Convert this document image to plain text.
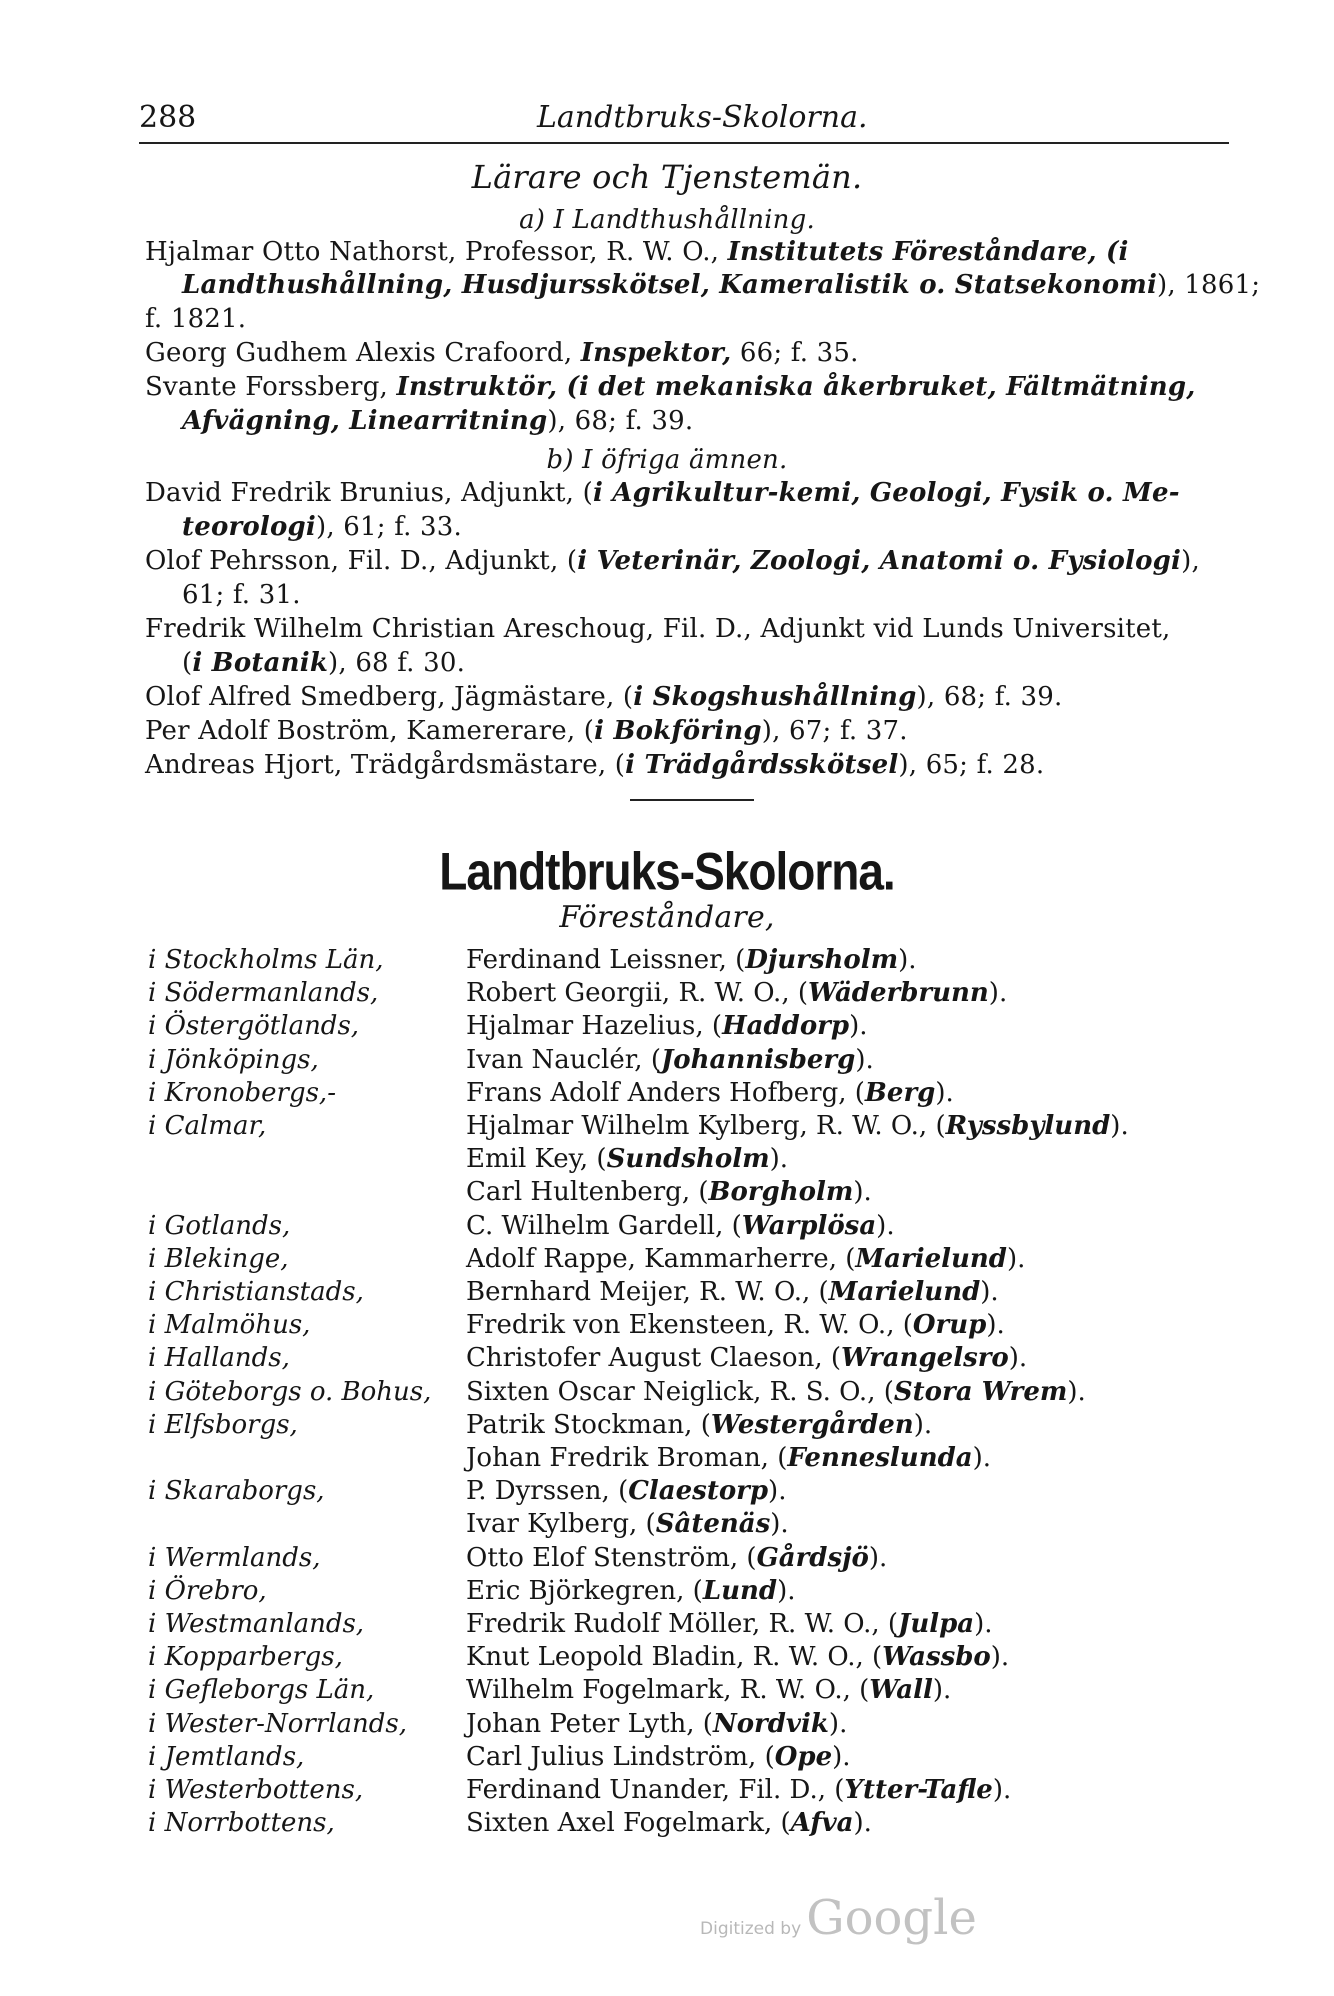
288	Landtbruks-Skolorna.
Lärare och Tjenstemän.
a) I Landthushållning.
Hjalmar Otto Nathorst, Professor, R. W. O., Institutets Föreståndare, (i
Landthushållning, Husdjursskötsel, Kameralistik o. Statsekonomi), 1861;
f. 1821.
Georg Gudhem Alexis Crafoord, Inspektor, 66; f. 35.
Svante Forssberg, Instruktör, (i det mekaniska åkerbruket, Fältmätning,
Afvägning, Linearritning), 68; f. 39.
b) I öfriga ämnen.
David Fredrik Brunius, Adjunkt, (i Agrikultur-kemi, Geologi, Fysik o. Me-
teorologi), 61; f. 33.
Olof Pehrsson, Fil. D., Adjunkt, (i Veterinär, Zoologi, Anatomi o. Fysiologi),
61; f. 31.
Fredrik Wilhelm Christian Areschoug, Fil. D., Adjunkt vid Lunds Universitet,
(i Botanik), 68 f. 30.
Olof Alfred Smedberg, Jägmästare, (i Skogshushållning), 68; f. 39.
Per Adolf Boström, Kamererare, (i Bokföring), 67; f. 37.
Andreas Hjort, Trädgårdsmästare, (i Trädgårdsskötsel), 65; f. 28.
Landtbruks-Skolorna.
Föreståndare,
i Stockholms Län,	Ferdinand Leissner, (Djursholm).
i Södermanlands,	Robert Georgii, R. W. O., (Wäderbrunn).
i Östergötlands,	Hjalmar Hazelius, (Haddorp).
i Jönköpings,	Ivan Nauclér, (Johannisberg).
i Kronobergs,-	Frans Adolf Anders Hofberg, (Berg).
i Calmar,	Hjalmar Wilhelm Kylberg, R. W. O., (Ryssbylund).
Emil Key, (Sundsholm).
Carl Hultenberg, (Borgholm).
i Gotlands,	C. Wilhelm Gardell, (Warplösa).
i Blekinge,	Adolf Rappe, Kammarherre, (Marielund).
i Christianstads,	Bernhard Meijer, R. W. O., (Marielund).
i Malmöhus,	Fredrik von Ekensteen, R. W. O., (Orup).
i Hallands,	Christofer August Claeson, (Wrangelsro).
i Göteborgs o. Bohus, Sixten Oscar Neiglick, R. S. O., (Stora Wrem).
i Elfsborgs,	Patrik Stockman, (Westergården).
Johan Fredrik Broman, (Fenneslunda).
i Skaraborgs,	P. Dyrssen, (Claestorp).
Ivar Kylberg, (Sâtenäs).
i Wermlands,	Otto Elof Stenström, (Gårdsjö).
i Örebro,	Eric Björkegren, (Lund).
i Westmanlands,	Fredrik Rudolf Möller, R. W. O., (Julpa).
i Kopparbergs,	Knut Leopold Bladin, R. W. O., (Wassbo).
i Gefleborgs Län,	Wilhelm Fogelmark, R. W. O., (Wall).
i Wester-Norrlands, Johan Peter Lyth, (Nordvik).
i Jemtlands,	Carl Julius Lindström, (Ope).
i Westerbottens,	Ferdinand Unander, Fil. D., (Ytter-Tafle).
i Norrbottens,	Sixten Axel Fogelmark, (Afva).
Digitized by Google
